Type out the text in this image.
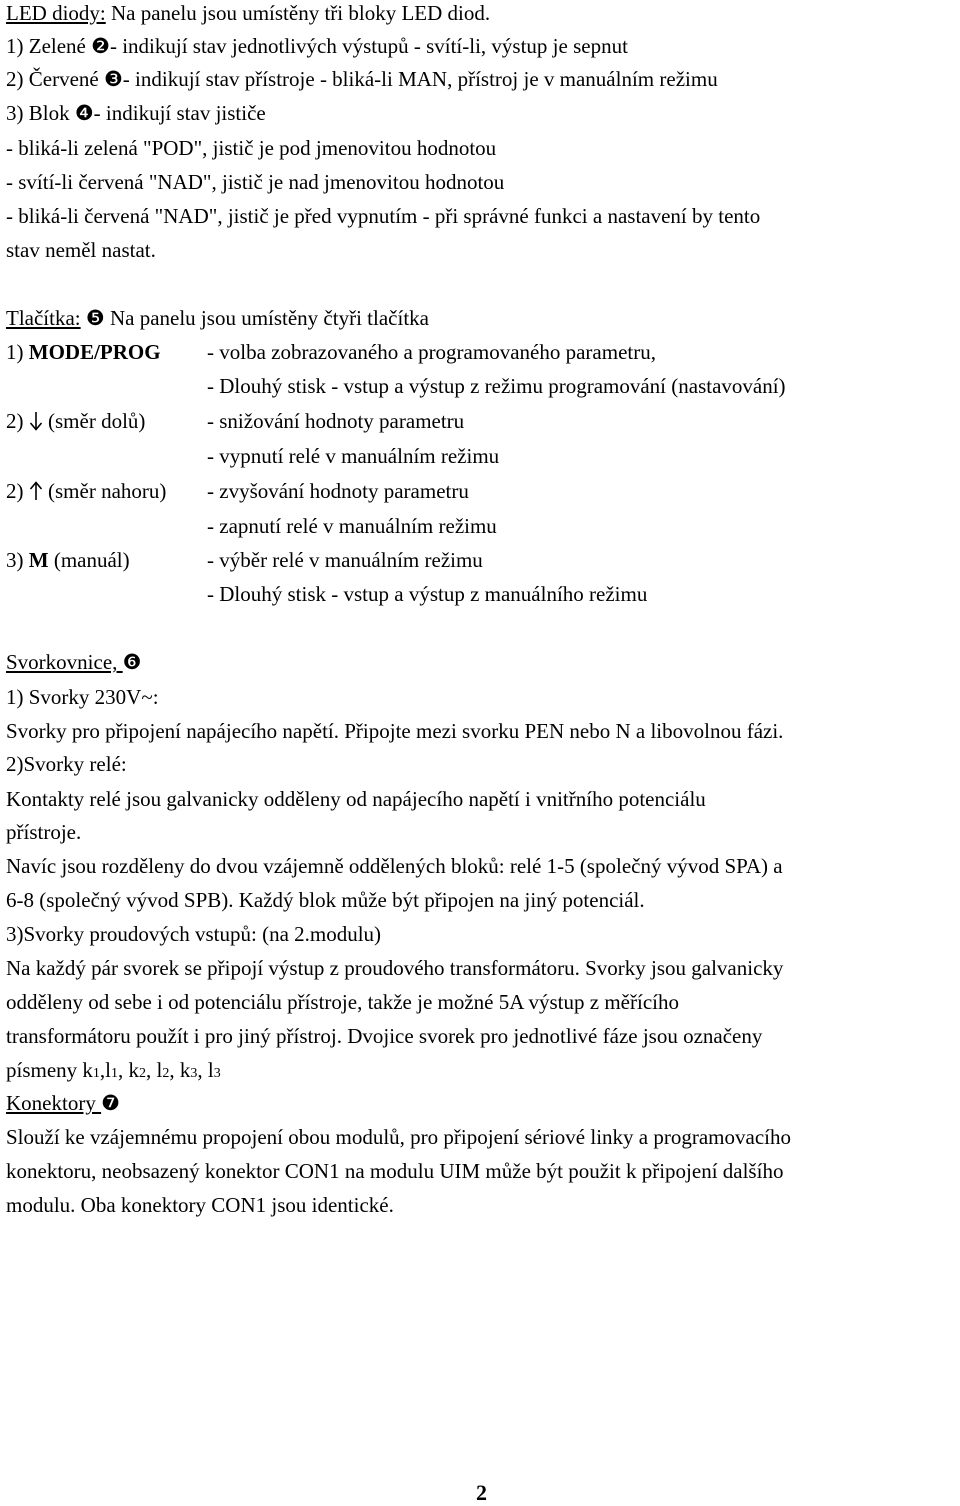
LED diody: Na panelu jsou umístěny tři bloky LED diod.
1) Zelené ❷- indikují stav jednotlivých výstupů - svítí-li, výstup je sepnut
2) Červené ❸- indikují stav přístroje - bliká-li MAN, přístroj je v manuálním režimu
3) Blok ❹- indikují stav jističe
- bliká-li zelená "POD", jistič je pod jmenovitou hodnotou
- svítí-li červená "NAD", jistič je nad jmenovitou hodnotou
- bliká-li červená "NAD", jistič je před vypnutím - při správné funkci a nastavení by tento
stav neměl nastat.
Tlačítka: ❺ Na panelu jsou umístěny čtyři tlačítka
1) MODE/PROG - volba zobrazovaného a programovaného parametru,
- Dlouhý stisk - vstup a výstup z režimu programování (nastavování)
2)  (směr dolů)	- snižování hodnoty parametru
- vypnutí relé v manuálním režimu
2)  (směr nahoru) - zvyšování hodnoty parametru
- zapnutí relé v manuálním režimu
3) M (manuál)	- výběr relé v manuálním režimu
- Dlouhý stisk - vstup a výstup z manuálního režimu
Svorkovnice, ❻
1) Svorky 230V~:
Svorky pro připojení napájecího napětí. Připojte mezi svorku PEN nebo N a libovolnou fázi.
2)Svorky relé:
Kontakty relé jsou galvanicky odděleny od napájecího napětí i vnitřního potenciálu
přístroje.
Navíc jsou rozděleny do dvou vzájemně oddělených bloků: relé 1-5 (společný vývod SPA) a
6-8 (společný vývod SPB). Každý blok může být připojen na jiný potenciál.
3)Svorky proudových vstupů: (na 2.modulu)
Na každý pár svorek se připojí výstup z proudového transformátoru. Svorky jsou galvanicky
odděleny od sebe i od potenciálu přístroje, takže je možné 5A výstup z měřícího
transformátoru použít i pro jiný přístroj. Dvojice svorek pro jednotlivé fáze jsou označeny
písmeny k1,l1, k2, l2, k3, l3
Konektory ❼
Slouží ke vzájemnému propojení obou modulů, pro připojení sériové linky a programovacího
konektoru, neobsazený konektor CON1 na modulu UIM může být použit k připojení dalšího
modulu. Oba konektory CON1 jsou identické.
2
